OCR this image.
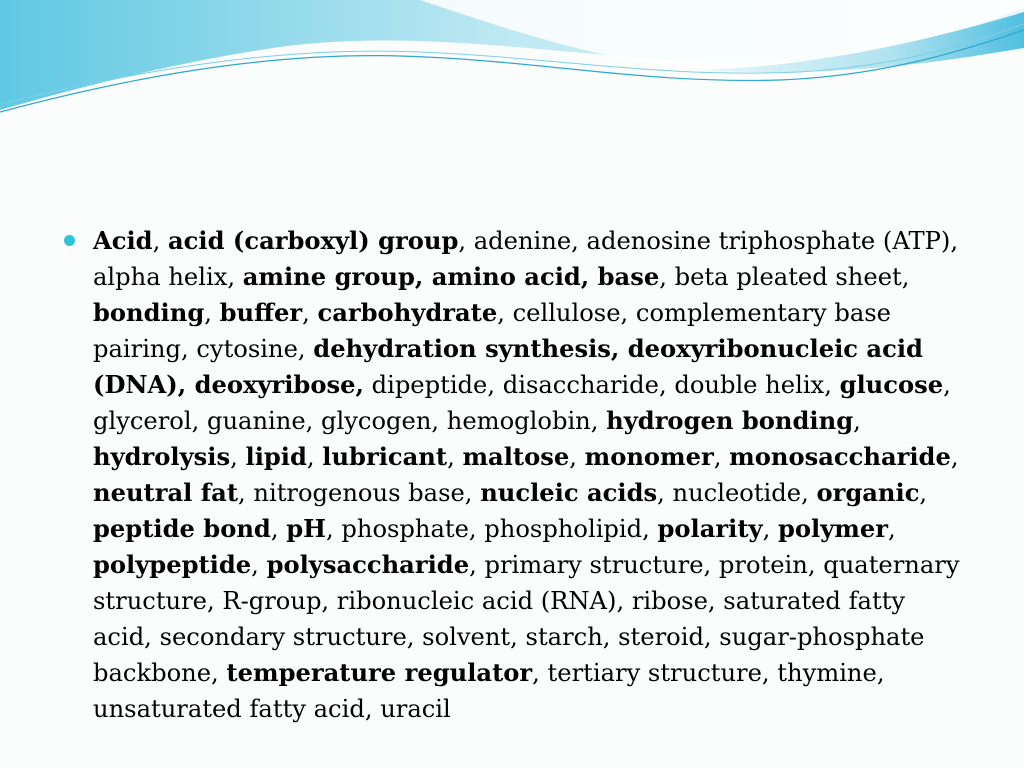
Acid, acid (carboxyl) group, adenine, adenosine triphosphate (ATP), alpha helix, amine group, amino acid, base, beta pleated sheet, bonding, buffer, carbohydrate, cellulose, complementary base pairing, cytosine, dehydration synthesis, deoxyribonucleic acid (DNA), deoxyribose, dipeptide, disaccharide, double helix, glucose, glycerol, guanine, glycogen, hemoglobin, hydrogen bonding, hydrolysis, lipid, lubricant, maltose, monomer, monosaccharide, neutral fat, nitrogenous base, nucleic acids, nucleotide, organic, peptide bond, pH, phosphate, phospholipid, polarity, polymer, polypeptide, polysaccharide, primary structure, protein, quaternary structure, R-group, ribonucleic acid (RNA), ribose, saturated fatty acid, secondary structure, solvent, starch, steroid, sugar-phosphate backbone, temperature regulator, tertiary structure, thymine, unsaturated fatty acid, uracil
